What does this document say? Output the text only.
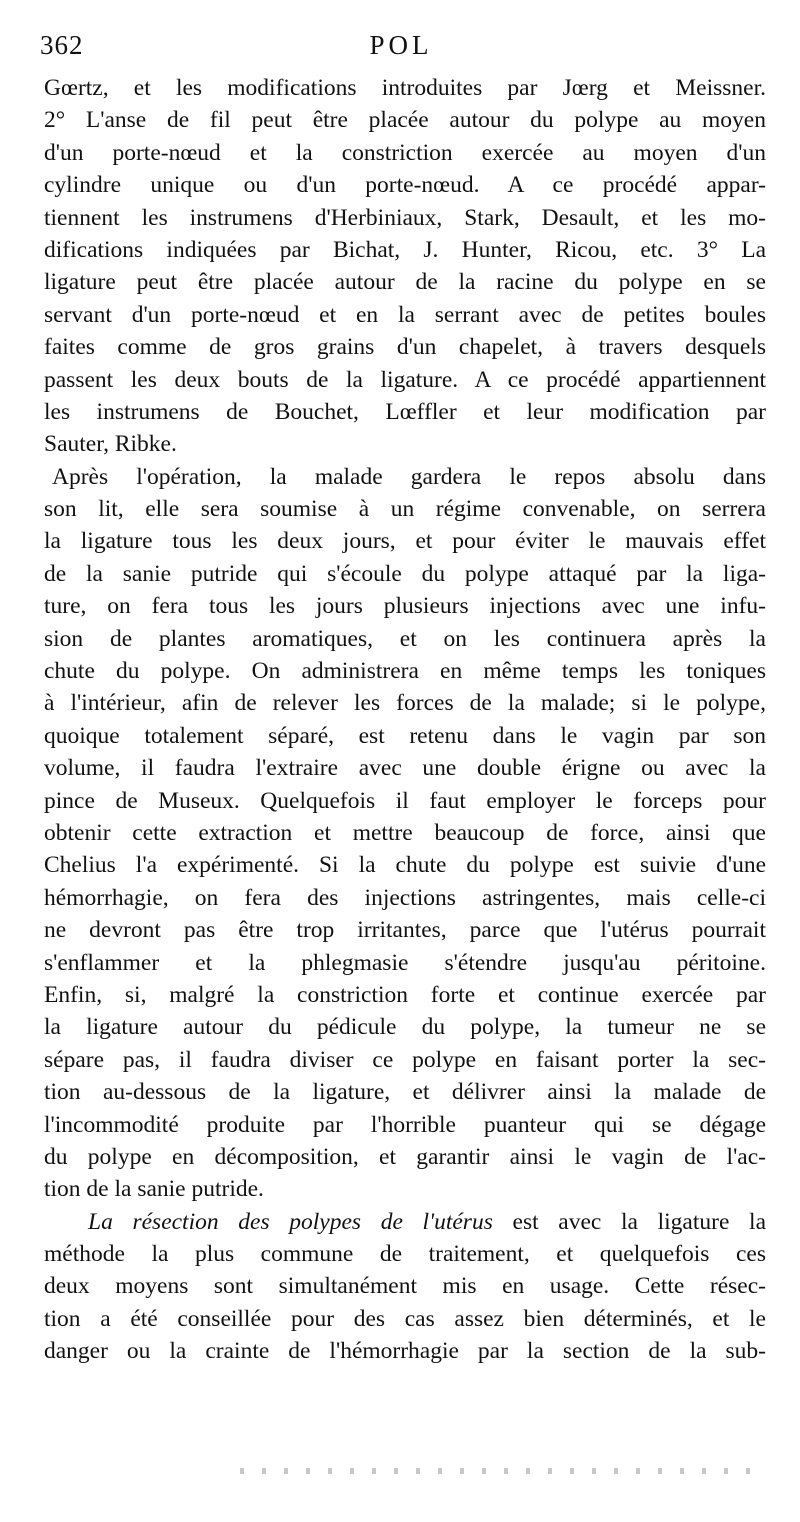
362	POL
Gœrtz, et les modifications introduites par Jœrg et Meissner.
2° L'anse de fil peut être placée autour du polype au moyen
d'un porte-nœud et la constriction exercée au moyen d'un
cylindre unique ou d'un porte-nœud. A ce procédé appar-
tiennent les instrumens d'Herbiniaux, Stark, Desault, et les mo-
difications indiquées par Bichat, J. Hunter, Ricou, etc. 3° La
ligature peut être placée autour de la racine du polype en se
servant d'un porte-nœud et en la serrant avec de petites boules
faites comme de gros grains d'un chapelet, à travers desquels
passent les deux bouts de la ligature. A ce procédé appartiennent
les instrumens de Bouchet, Lœffler et leur modification par
Sauter, Ribke.
Après l'opération, la malade gardera le repos absolu dans
son lit, elle sera soumise à un régime convenable, on serrera
la ligature tous les deux jours, et pour éviter le mauvais effet
de la sanie putride qui s'écoule du polype attaqué par la liga-
ture, on fera tous les jours plusieurs injections avec une infu-
sion de plantes aromatiques, et on les continuera après la
chute du polype. On administrera en même temps les toniques
à l'intérieur, afin de relever les forces de la malade; si le polype,
quoique totalement séparé, est retenu dans le vagin par son
volume, il faudra l'extraire avec une double érigne ou avec la
pince de Museux. Quelquefois il faut employer le forceps pour
obtenir cette extraction et mettre beaucoup de force, ainsi que
Chelius l'a expérimenté. Si la chute du polype est suivie d'une
hémorrhagie, on fera des injections astringentes, mais celle-ci
ne devront pas être trop irritantes, parce que l'utérus pourrait
s'enflammer et la phlegmasie s'étendre jusqu'au péritoine.
Enfin, si, malgré la constriction forte et continue exercée par
la ligature autour du pédicule du polype, la tumeur ne se
sépare pas, il faudra diviser ce polype en faisant porter la sec-
tion au-dessous de la ligature, et délivrer ainsi la malade de
l'incommodité produite par l'horrible puanteur qui se dégage
du polype en décomposition, et garantir ainsi le vagin de l'ac-
tion de la sanie putride.
La résection des polypes de l'utérus est avec la ligature la
méthode la plus commune de traitement, et quelquefois ces
deux moyens sont simultanément mis en usage. Cette résec-
tion a été conseillée pour des cas assez bien déterminés, et le
danger ou la crainte de l'hémorrhagie par la section de la sub-
